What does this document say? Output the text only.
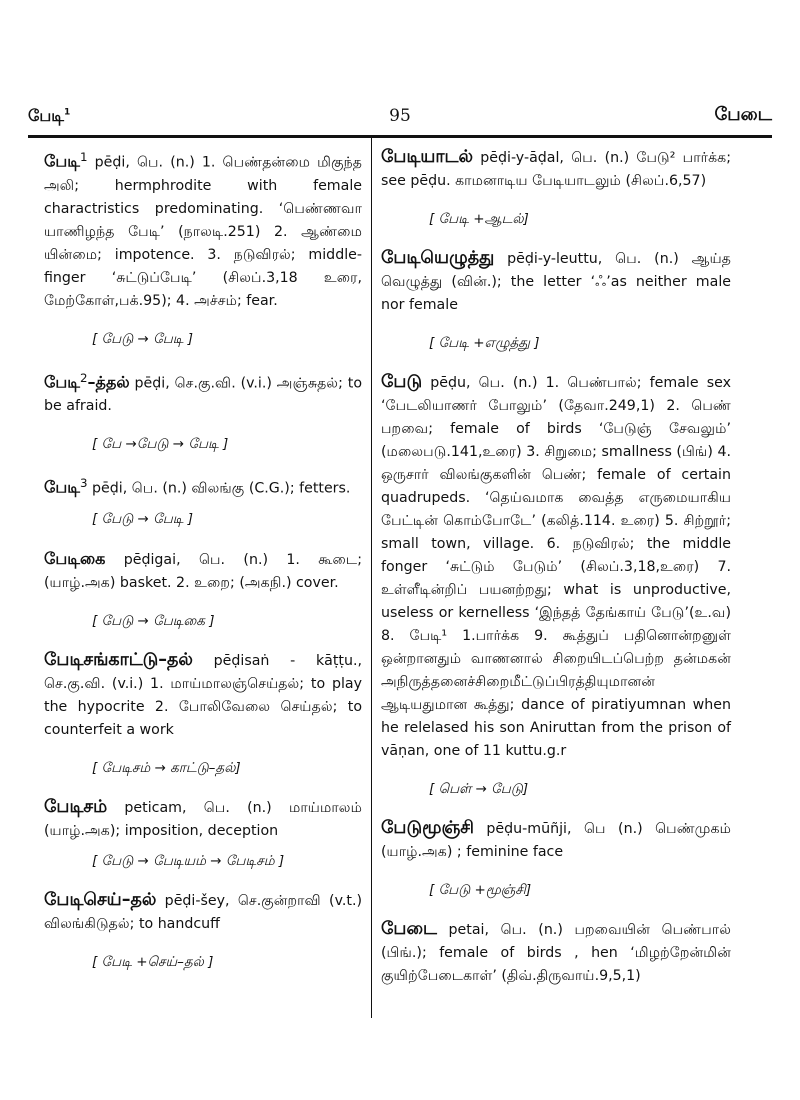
பேடி$^1$	95	பேடை

பேடி$^1$ pēḍi, பெ. (n.) 1. பெண்தன்மை மிகுந்த அலி; hermphrodite with female charactristics predominating. ‘பெண்ணவா யாணிழந்த பேடி’ (நாலடி.251) 2. ஆண்மை யின்மை; impotence. 3. நடுவிரல்; middle-finger ‘சுட்டுப்பேடி’ (சிலப்.3,18 உரை, மேற்கோள்,பக்.95); 4. அச்சம்; fear.

[ பேடு → பேடி ]

பேடி$^2$–த்தல் pēḍi, செ.கு.வி. (v.i.) அஞ்சுதல்; to be afraid.

[ பே →பேடு → பேடி ]

பேடி$^3$ pēḍi, பெ. (n.) விலங்கு (C.G.); fetters.

[ பேடு → பேடி ]

பேடிகை pēḍigai, பெ. (n.) 1. கூடை; (யாழ்.அக) basket. 2. உறை; (அகநி.) cover.

[ பேடு → பேடிகை ]

பேடிசங்காட்டு–தல் pēḍisaṅ - kāṭṭu., செ.கு.வி. (v.i.) 1. மாய்மாலஞ்செய்தல்; to play the hypocrite 2. போலிவேலை செய்தல்; to counterfeit a work

[ பேடிசம் → காட்டு–தல்]

பேடிசம் peticam, பெ. (n.) மாய்மாலம் (யாழ்.அக); imposition, deception

[ பேடு → பேடியம் → பேடிசம் ]

பேடிசெய்–தல் pēḍi-šey, செ.குன்றாவி (v.t.) விலங்கிடுதல்; to handcuff

[ பேடி +செய்–தல் ]

பேடியாடல் pēḍi-y-āḍal, பெ. (n.) பேடு² பார்க்க; see pēḍu. காமனாடிய பேடியாடலும் (சிலப்.6,57)

[ பேடி +ஆடல்]

பேடியெழுத்து pēḍi-y-leuttu, பெ. (n.) ஆய்த வெழுத்து (வின்.); the letter ‘ஃ’as neither male nor female

[ பேடி +எழுத்து ]

பேடு pēḍu, பெ. (n.) 1. பெண்பால்; female sex ‘பேடலியாணர் போலும்’ (தேவா.249,1) 2. பெண் பறவை; female of birds ‘பேடுஞ் சேவலும்’ (மலைபடு.141,உரை) 3. சிறுமை; smallness (பிங்) 4. ஒருசார் விலங்குகளின் பெண்; female of certain quadrupeds. ‘தெய்வமாக வைத்த எருமையாகிய பேட்டின் கொம்போடே’ (கலித்.114. உரை) 5. சிற்றூர்; small town, village. 6. நடுவிரல்; the middle fonger ‘சுட்டும் பேடும்’ (சிலப்.3,18,உரை) 7. உள்ளீடின்றிப் பயனற்றது; what is unproductive, useless or kernelless ‘இந்தத் தேங்காய் பேடு’(உ.வ) 8. பேடி¹ 1.பார்க்க 9. கூத்துப் பதினொன்றனுள் ஒன்றானதும் வாணனால் சிறையிடப்பெற்ற தன்மகன் அநிருத்தனைச்சிறைமீட்டுப்பிரத்தியுமானன் ஆடியதுமான கூத்து; dance of piratiyumnan when he relelased his son Aniruttan from the prison of vāṇan, one of 11 kuttu.g.r

[ பெள் → பேடு]

பேடுமூஞ்சி pēḍu-mūñji, பெ (n.) பெண்முகம் (யாழ்.அக) ; feminine face

[ பேடு +மூஞ்சி]

பேடை petai, பெ. (n.) பறவையின் பெண்பால் (பிங்.); female of birds , hen ‘மிழற்றேன்மின் குயிற்பேடைகாள்’ (திவ்.திருவாய்.9,5,1)
